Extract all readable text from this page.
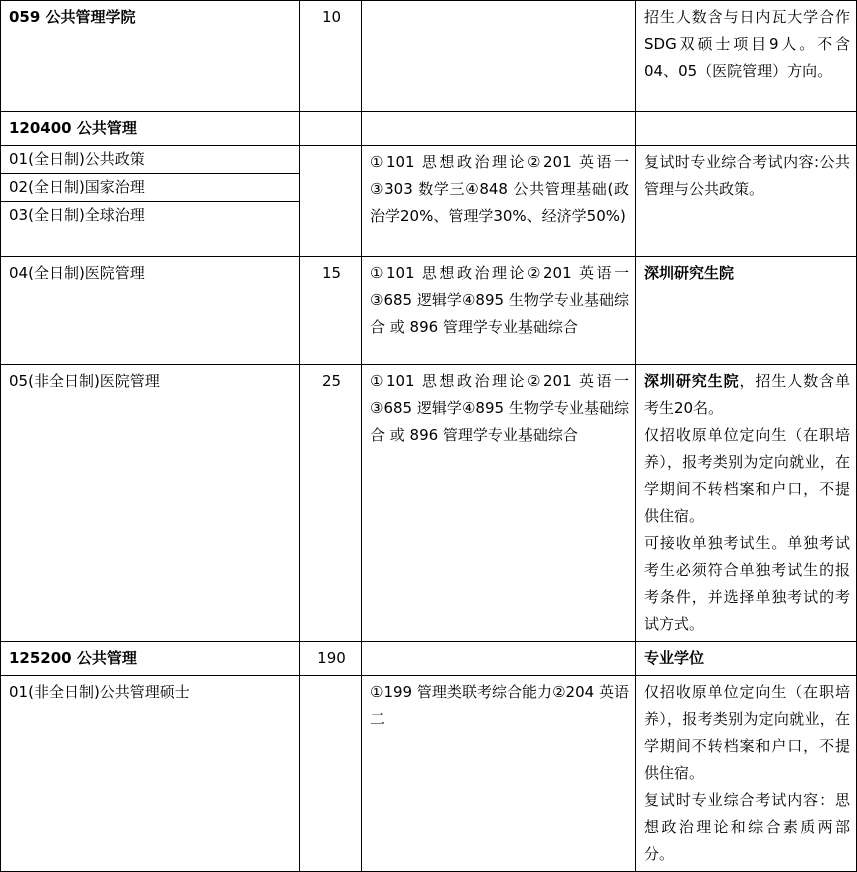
059 公共管理学院	10		招生人数含与日内瓦大学合作SDG双硕士项目9人。不含04、05（医院管理）方向。
120400 公共管理			
01(全日制)公共政策		①101 思想政治理论②201 英语一③303 数学三④848 公共管理基础(政治学20%、管理学30%、经济学50%)	复试时专业综合考试内容:公共管理与公共政策。
02(全日制)国家治理			
03(全日制)全球治理			

04(全日制)医院管理	15	①101 思想政治理论②201 英语一③685 逻辑学④895 生物学专业基础综合 或 896 管理学专业基础综合	深圳研究生院
05(非全日制)医院管理	25	①101 思想政治理论②201 英语一③685 逻辑学④895 生物学专业基础综合 或 896 管理学专业基础综合	深圳研究生院，招生人数含单考生20名。
仅招收原单位定向生（在职培养），报考类别为定向就业，在学期间不转档案和户口，不提供住宿。
可接收单独考试生。单独考试考生必须符合单独考试生的报考条件，并选择单独考试的考试方式。

125200 公共管理	190		专业学位
01(非全日制)公共管理硕士		①199 管理类联考综合能力②204 英语二	仅招收原单位定向生（在职培养），报考类别为定向就业，在学期间不转档案和户口，不提供住宿。
复试时专业综合考试内容：思想政治理论和综合素质两部分。
